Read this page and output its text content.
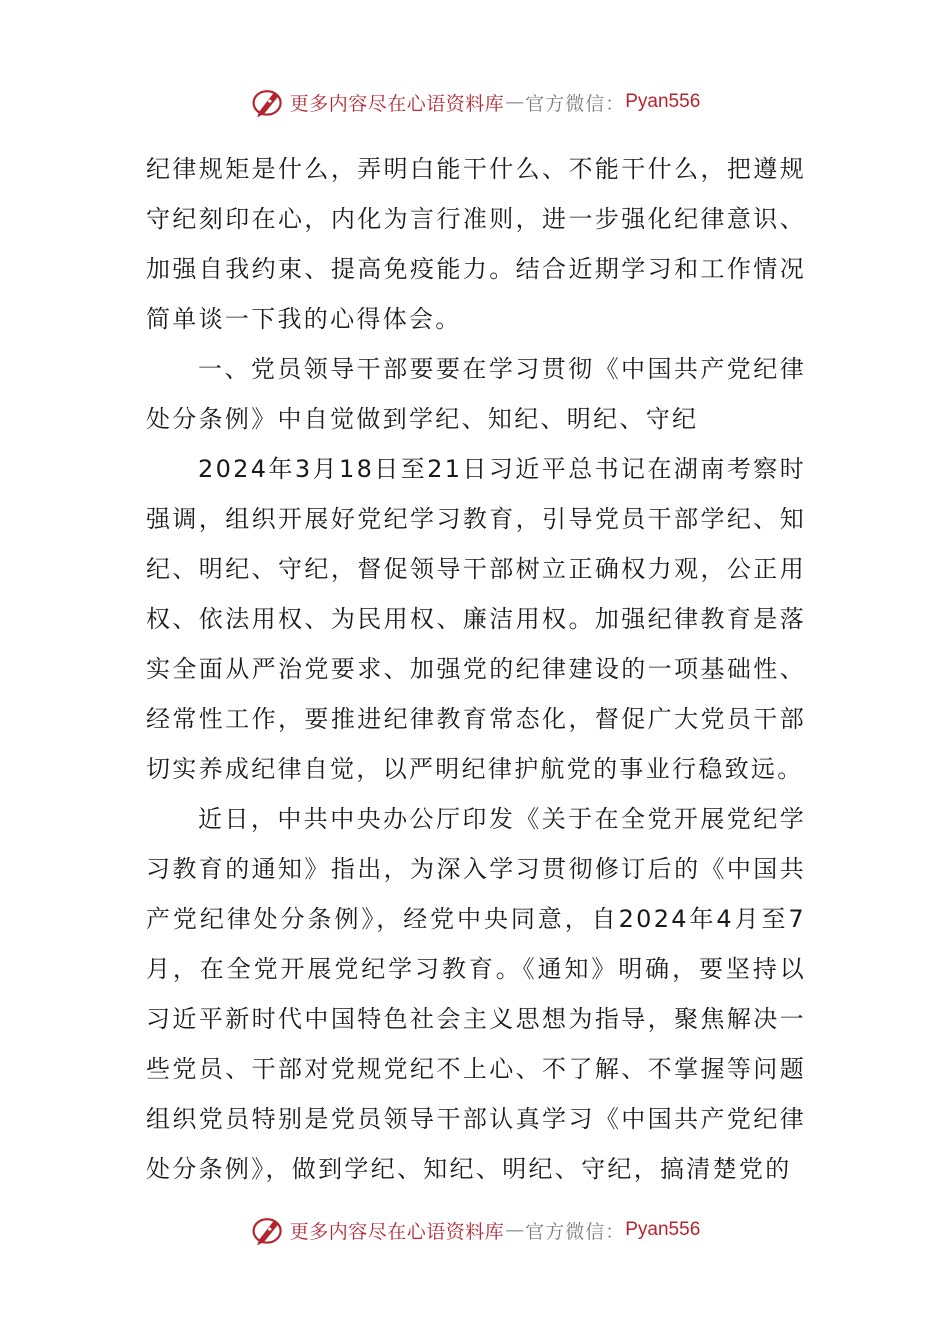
更多内容尽在心语资料库 — 官方微信： Pyan556

纪律规矩是什么，弄明白能干什么、不能干什么，把遵规守纪刻印在心，内化为言行准则，进一步强化纪律意识、加强自我约束、提高免疫能力。结合近期学习和工作情况简单谈一下我的心得体会。

一、党员领导干部要要在学习贯彻《中国共产党纪律处分条例》中自觉做到学纪、知纪、明纪、守纪

2024年3月18日至21日习近平总书记在湖南考察时强调，组织开展好党纪学习教育，引导党员干部学纪、知纪、明纪、守纪，督促领导干部树立正确权力观，公正用权、依法用权、为民用权、廉洁用权。加强纪律教育是落实全面从严治党要求、加强党的纪律建设的一项基础性、经常性工作，要推进纪律教育常态化，督促广大党员干部切实养成纪律自觉，以严明纪律护航党的事业行稳致远。

近日，中共中央办公厅印发《关于在全党开展党纪学习教育的通知》指出，为深入学习贯彻修订后的《中国共产党纪律处分条例》，经党中央同意，自2024年4月至7月，在全党开展党纪学习教育。《通知》明确，要坚持以习近平新时代中国特色社会主义思想为指导，聚焦解决一些党员、干部对党规党纪不上心、不了解、不掌握等问题组织党员特别是党员领导干部认真学习《中国共产党纪律处分条例》，做到学纪、知纪、明纪、守纪，搞清楚党的

更多内容尽在心语资料库 — 官方微信： Pyan556
